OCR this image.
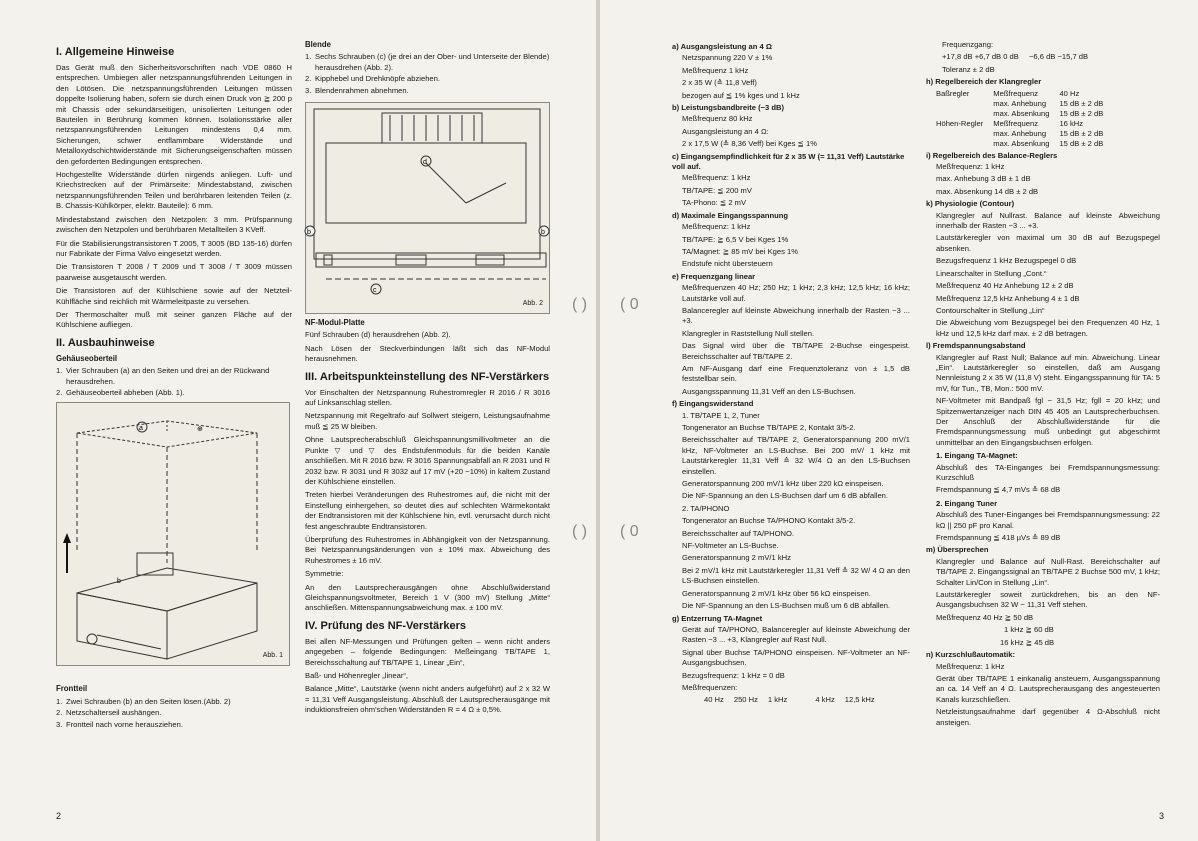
I. Allgemeine Hinweise

Das Gerät muß den Sicherheitsvorschriften nach VDE 0860 H entsprechen. Umbiegen aller netzspannungsführenden Leitungen in den Lötösen. Die netzspannungsführenden Leitungen müssen doppelte Isolierung haben, sofern sie durch einen Druck von ≧ 200 p mit Chassis oder sekundärseitigen, unisolierten Leitungen oder Bauteilen in Berührung kommen können. Isolationsstärke aller netzspannungsführenden Leitungen mindestens 0,4 mm. Sicherungen, schwer entflammbare Widerstände und Metalloxydschichtwiderstände mit Sicherungseigenschaften müssen den geforderten Bedingungen entsprechen.

Hochgestellte Widerstände dürfen nirgends anliegen. Luft- und Kriechstrecken auf der Primärseite: Mindestabstand, zwischen netzspannungsführenden Teilen und berührbaren leitenden Teilen (z. B. Chassis-Kühlkörper, elektr. Bauteile): 6 mm.

Mindestabstand zwischen den Netzpolen: 3 mm. Prüfspannung zwischen den Netzpolen und berührbaren Metallteilen 3 KVeff.

Für die Stabilisierungstransistoren T 2005, T 3005 (BD 135-16) dürfen nur Fabrikate der Firma Valvo eingesetzt werden.

Die Transistoren T 2008 / T 2009 und T 3008 / T 3009 müssen paarweise ausgetauscht werden.

Die Transistoren auf der Kühlschiene sowie auf der Netzteil-Kühlfläche sind reichlich mit Wärmeleitpaste zu versehen.

Der Thermoschalter muß mit seiner ganzen Fläche auf der Kühlschiene aufliegen.

II. Ausbauhinweise
Gehäuseoberteil
1. Vier Schrauben (a) an den Seiten und drei an der Rückwand herausdrehen.
2. Gehäuseoberteil abheben (Abb. 1).
a	⊕
b
Abb. 1
Frontteil
1. Zwei Schrauben (b) an den Seiten lösen.(Abb. 2)
2. Netzschalterseil aushängen.
3. Frontteil nach vorne herausziehen.
Blende
1. Sechs Schrauben (c) (je drei an der Ober- und Unterseite der Blende) herausdrehen (Abb. 2).
2. Kipphebel und Drehknöpfe abziehen.
3. Blendenrahmen abnehmen.
b	b
c
d
Abb. 2
NF-Modul-Platte

Fünf Schrauben (d) herausdrehen (Abb. 2).

Nach Lösen der Steckverbindungen läßt sich das NF-Modul herausnehmen.

III. Arbeitspunkteinstellung des NF-Verstärkers

Vor Einschalten der Netzspannung Ruhestromregler R 2016 / R 3016 auf Linksanschlag stellen.

Netzspannung mit Regeltrafo auf Sollwert steigern, Leistungsaufnahme muß ≦ 25 W bleiben.

Ohne Lautsprecherabschluß Gleichspannungsmillivoltmeter an die Punkte ▽ und ▽ des Endstufenmoduls für die beiden Kanäle anschließen. Mit R 2016 bzw. R 3016 Spannungsabfall an R 2031 und R 2032 bzw. R 3031 und R 3032 auf 17 mV (+20 −10%) in kaltem Zustand der Kühlschiene einstellen.

Treten hierbei Veränderungen des Ruhestromes auf, die nicht mit der Einstellung einhergehen, so deutet dies auf schlechten Wärmekontakt der Endtransistoren mit der Kühlschiene hin, evtl. verursacht durch nicht fest angeschraubte Endtransistoren.

Überprüfung des Ruhestromes in Abhängigkeit von der Netzspannung. Bei Netzspannungsänderungen von ± 10% max. Abweichung des Ruhestromes ± 16 mV.

Symmetrie:

An den Lautsprecherausgängen ohne Abschlußwiderstand Gleichspannungsvoltmeter, Bereich 1 V (300 mV) Stellung „Mitte“ anschließen. Mittenspannungsabweichung max. ± 100 mV.

IV. Prüfung des NF-Verstärkers

Bei allen NF-Messungen und Prüfungen gelten – wenn nicht anders angegeben – folgende Bedingungen: Meßeingang TB/TAPE 1, Bereichsschaltung auf TB/TAPE 1, Linear „Ein“,

Baß- und Höhenregler „linear“,

Balance „Mitte“, Lautstärke (wenn nicht anders aufgeführt) auf 2 x 32 W = 11,31 Veff Ausgangsleistung. Abschluß der Lautsprecherausgänge mit induktionsfreien ohm'schen Widerständen R = 4 Ω ± 0,5%.

2
( ) ( 0
( ) ( 0
a) Ausgangsleistung an 4 Ω

Netzspannung 220 V ± 1%

Meßfrequenz 1 kHz

2 x 35 W (≙ 11,8 Veff)

bezogen auf ≦ 1% kges und 1 kHz

b) Leistungsbandbreite (−3 dB)

Meßfrequenz 80 kHz

Ausgangsleistung an 4 Ω:

2 x 17,5 W (≙ 8,36 Veff) bei Kges ≦ 1%

c) Eingangsempfindlichkeit für 2 x 35 W (= 11,31 Veff) Lautstärke voll auf.

Meßfrequenz: 1 kHz

TB/TAPE: ≦ 200 mV

TA-Phono: ≦ 2 mV

d) Maximale Eingangsspannung

Meßfrequenz: 1 kHz

TB/TAPE: ≧ 6,5 V bei Kges 1%

TA/Magnet: ≧ 85 mV bei Kges 1%

Endstufe nicht übersteuern

e) Frequenzgang linear

Meßfrequenzen 40 Hz; 250 Hz; 1 kHz; 2,3 kHz; 12,5 kHz; 16 kHz; Lautstärke voll auf.

Balanceregler auf kleinste Abweichung innerhalb der Rasten −3 ... +3.

Klangregler in Raststellung Null stellen.

Das Signal wird über die TB/TAPE 2-Buchse eingespeist. Bereichsschalter auf TB/TAPE 2.

Am NF-Ausgang darf eine Frequenztoleranz von ± 1,5 dB feststellbar sein.

Ausgangsspannung 11,31 Veff an den LS-Buchsen.

f) Eingangswiderstand

1. TB/TAPE 1, 2, Tuner

Tongenerator an Buchse TB/TAPE 2, Kontakt 3/5-2.

Bereichsschalter auf TB/TAPE 2, Generatorspannung 200 mV/1 kHz, NF-Voltmeter an LS-Buchse. Bei 200 mV/ 1 kHz mit Lautstärkeregler 11,31 Veff ≙ 32 W/4 Ω an den LS-Buchsen einstellen.

Generatorspannung 200 mV/1 kHz über 220 kΩ einspeisen.

Die NF-Spannung an den LS-Buchsen darf um 6 dB abfallen.

2. TA/PHONO

Tongenerator an Buchse TA/PHONO Kontakt 3/5-2.

Bereichsschalter auf TA/PHONO.

NF-Voltmeter an LS-Buchse.

Generatorspannung 2 mV/1 kHz

Bei 2 mV/1 kHz mit Lautstärkeregler 11,31 Veff ≙ 32 W/ 4 Ω an den LS-Buchsen einstellen.

Generatorspannung 2 mV/1 kHz über 56 kΩ einspeisen.

Die NF-Spannung an den LS-Buchsen muß um 6 dB abfallen.

g) Entzerrung TA-Magnet

Gerät auf TA/PHONO, Balanceregler auf kleinste Abweichung der Rasten −3 ... +3, Klangregler auf Rast Null.

Signal über Buchse TA/PHONO einspeisen. NF-Voltmeter an NF-Ausgangsbuchsen.

Bezugsfrequenz: 1 kHz = 0 dB

Meßfrequenzen:

40 Hz	250 Hz	1 kHz	4 kHz	12,5 kHz

Frequenzgang:

+17,8 dB +6,7 dB 0 dB −6,6 dB −15,7 dB

Toleranz ± 2 dB

h) Regelbereich der Klangregler
Baßregler	Meßfrequenz	40 Hz
	max. Anhebung	15 dB ± 2 dB
	max. Absenkung	15 dB ± 2 dB
Höhen-Regler	Meßfrequenz	16 kHz
	max. Anhebung	15 dB ± 2 dB
	max. Absenkung	15 dB ± 2 dB
i) Regelbereich des Balance-Reglers

Meßfrequenz: 1 kHz

max. Anhebung 3 dB ± 1 dB

max. Absenkung 14 dB ± 2 dB

k) Physiologie (Contour)

Klangregler auf Nullrast. Balance auf kleinste Abweichung innerhalb der Rasten −3 ... +3.

Lautstärkeregler von maximal um 30 dB auf Bezugspegel absenken.

Bezugsfrequenz 1 kHz Bezugspegel 0 dB

Linearschalter in Stellung „Cont.“

Meßfrequenz 40 Hz Anhebung 12 ± 2 dB

Meßfrequenz 12,5 kHz Anhebung 4 ± 1 dB

Contourschalter in Stellung „Lin“

Die Abweichung vom Bezugspegel bei den Frequenzen 40 Hz, 1 kHz und 12,5 kHz darf max. ± 2 dB betragen.

l) Fremdspannungsabstand

Klangregler auf Rast Null; Balance auf min. Abweichung. Linear „Ein“. Lautstärkeregler so einstellen, daß am Ausgang Nennleistung 2 x 35 W (11,8 V) steht. Eingangsspannung für TA: 5 mV, für Tun., TB, Mon.: 500 mV.

NF-Voltmeter mit Bandpaß fgl − 31,5 Hz; fgll = 20 kHz; und Spitzenwertanzeiger nach DIN 45 405 an Lautsprecherbuchsen. Der Anschluß der Abschlußwiderstände für die Fremdspannungsmessung muß unbedingt gut abgeschirmt unmittelbar an den Eingangsbuchsen erfolgen.

1. Eingang TA-Magnet:

Abschluß des TA-Einganges bei Fremdspannungsmessung: Kurzschluß

Fremdspannung ≦ 4,7 mVs ≙ 68 dB

2. Eingang Tuner

Abschluß des Tuner-Einganges bei Fremdspannungsmessung: 22 kΩ || 250 pF pro Kanal.

Fremdspannung ≦ 418 µVs ≙ 89 dB

m) Übersprechen

Klangregler und Balance auf Null-Rast. Bereichschalter auf TB/TAPE 2. Eingangssignal an TB/TAPE 2 Buchse 500 mV, 1 kHz; Schalter Lin/Con in Stellung „Lin“.

Lautstärkeregler soweit zurückdrehen, bis an den NF-Ausgangsbuchsen 32 W − 11,31 Veff stehen.

Meßfrequenz 40 Hz ≧ 50 dB

1 kHz ≧ 60 dB

16 kHz ≧ 45 dB

n) Kurzschlußautomatik:

Meßfrequenz: 1 kHz

Gerät über TB/TAPE 1 einkanalig ansteuern, Ausgangsspannung an ca. 14 Veff an 4 Ω. Lautsprecherausgang des angesteuerten Kanals kurzschließen.

Netzleistungsaufnahme darf gegenüber 4 Ω-Abschluß nicht ansteigen.

3
